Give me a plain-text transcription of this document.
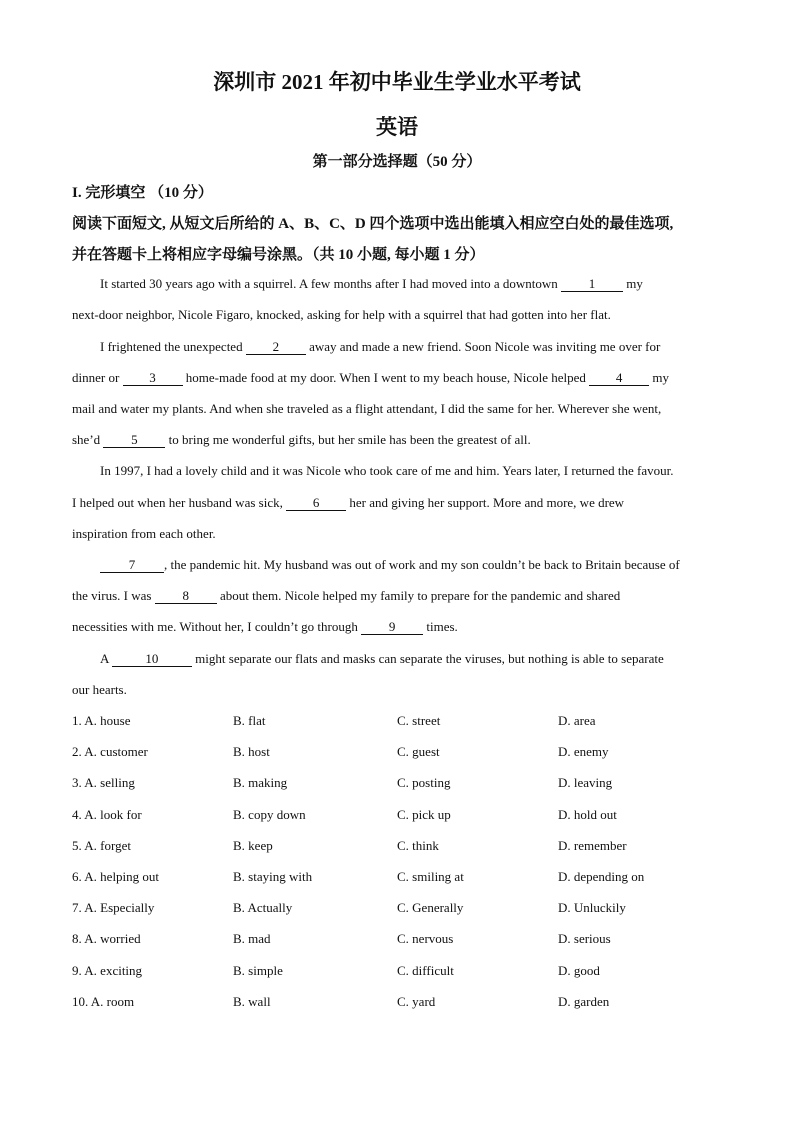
深圳市 2021 年初中毕业生学业水平考试
英语
第一部分选择题（50 分）
I. 完形填空 （10 分）
阅读下面短文, 从短文后所给的 A、B、C、D 四个选项中选出能填入相应空白处的最佳选项,
并在答题卡上将相应字母编号涂黑。（共 10 小题, 每小题 1 分）
It started 30 years ago with a squirrel. A few months after I had moved into a downtown 1 my
next-door neighbor, Nicole Figaro, knocked, asking for help with a squirrel that had gotten into her flat.
I frightened the unexpected 2 away and made a new friend. Soon Nicole was inviting me over for
dinner or 3 home-made food at my door. When I went to my beach house, Nicole helped 4 my
mail and water my plants. And when she traveled as a flight attendant, I did the same for her. Wherever she went,
she’d 5 to bring me wonderful gifts, but her smile has been the greatest of all.
In 1997, I had a lovely child and it was Nicole who took care of me and him. Years later, I returned the favour.
I helped out when her husband was sick, 6 her and giving her support. More and more, we drew
inspiration from each other.
7 , the pandemic hit. My husband was out of work and my son couldn’t be back to Britain because of
the virus. I was 8 about them. Nicole helped my family to prepare for the pandemic and shared
necessities with me. Without her, I couldn’t go through 9 times.
A	10	might separate our flats and masks can separate the viruses, but nothing is able to separate
our hearts.
1. A. house	B. flat	C. street	D. area
2. A. customer	B. host	C. guest	D. enemy
3. A. selling	B. making	C. posting	D. leaving
4. A. look for	B. copy down	C. pick up	D. hold out
5. A. forget	B. keep	C. think	D. remember
6. A. helping out	B. staying with	C. smiling at	D. depending on
7. A. Especially	B. Actually	C. Generally	D. Unluckily
8. A. worried	B. mad	C. nervous	D. serious
9. A. exciting	B. simple	C. difficult	D. good
10. A. room	B. wall	C. yard	D. garden
